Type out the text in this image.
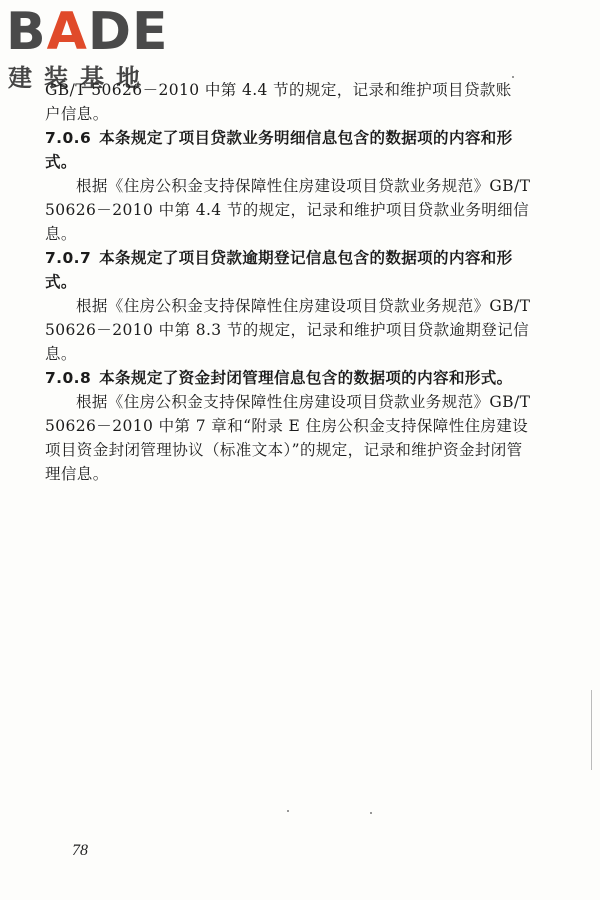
BADE
建装基地

GB/T 50626－2010 中第 4.4 节的规定，记录和维护项目贷款账
户信息。

7.0.6 本条规定了项目贷款业务明细信息包含的数据项的内容和形式。

根据《住房公积金支持保障性住房建设项目贷款业务规范》GB/T 50626－2010 中第 4.4 节的规定，记录和维护项目贷款业务明细信息。

7.0.7 本条规定了项目贷款逾期登记信息包含的数据项的内容和形式。

根据《住房公积金支持保障性住房建设项目贷款业务规范》GB/T 50626－2010 中第 8.3 节的规定，记录和维护项目贷款逾期登记信息。

7.0.8 本条规定了资金封闭管理信息包含的数据项的内容和形式。

根据《住房公积金支持保障性住房建设项目贷款业务规范》GB/T 50626－2010 中第 7 章和“附录 E 住房公积金支持保障性住房建设项目资金封闭管理协议（标准文本）”的规定，记录和维护资金封闭管理信息。

78
